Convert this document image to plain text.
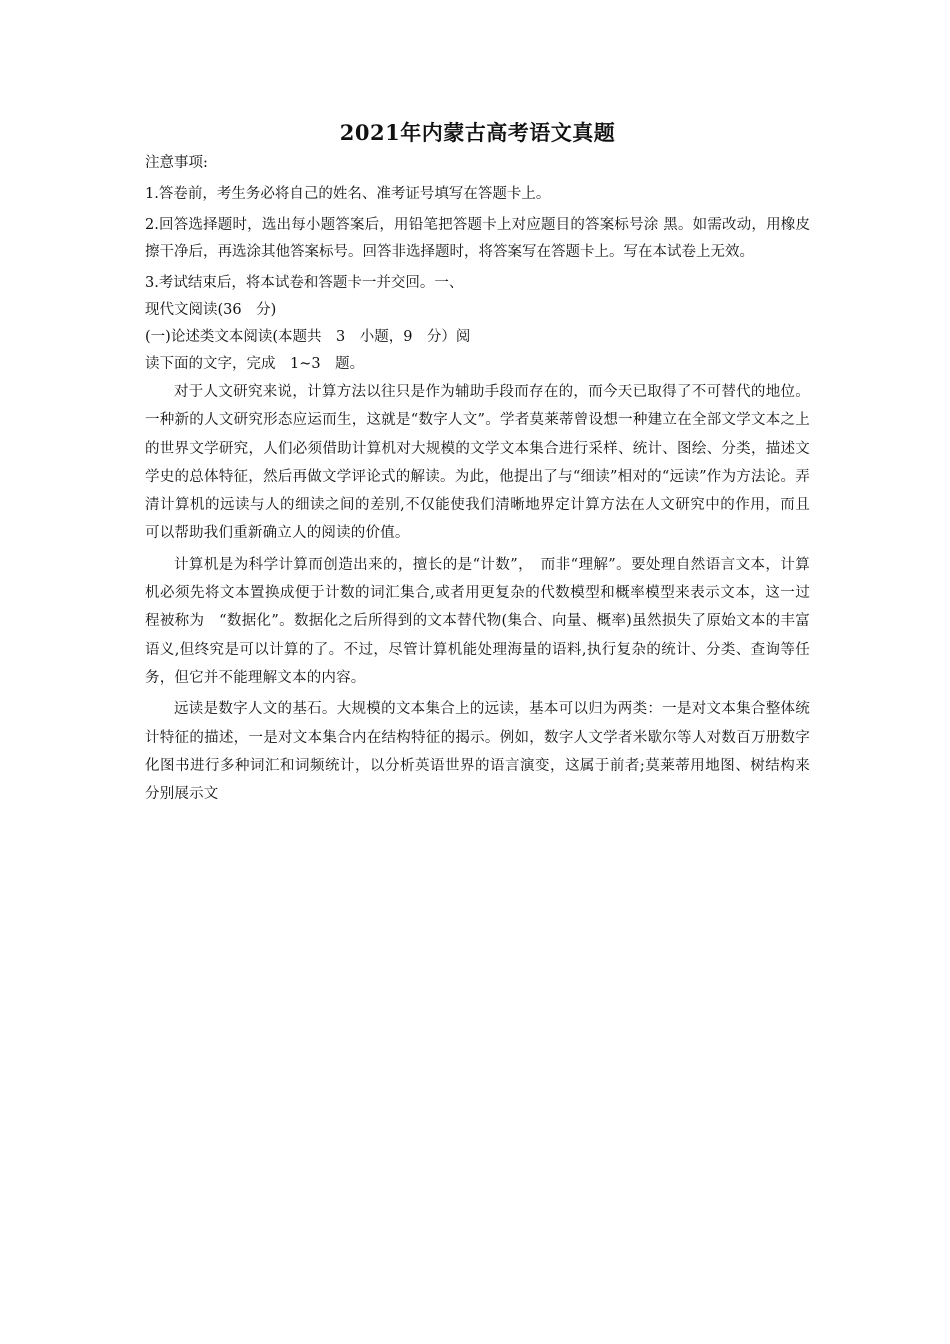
2021年内蒙古高考语文真题

注意事项:

1.答卷前，考生务必将自己的姓名、准考证号填写在答题卡上。

2.回答选择题时，选出每小题答案后，用铅笔把答题卡上对应题目的答案标号涂 黑。如需改动，用橡皮擦干净后，再选涂其他答案标号。回答非选择题时，将答案写在答题卡上。写在本试卷上无效。

3.考试结束后，将本试卷和答题卡一并交回。一、

现代文阅读(36　分)

(一)论述类文本阅读(本题共　3　小题，9　分）阅

读下面的文字，完成　1~3　题。

对于人文研究来说，计算方法以往只是作为辅助手段而存在的，而今天已取得了不可替代的地位。一种新的人文研究形态应运而生，这就是“数字人文”。学者莫莱蒂曾设想一种建立在全部文学文本之上的世界文学研究，人们必须借助计算机对大规模的文学文本集合进行采样、统计、图绘、分类，描述文学史的总体特征，然后再做文学评论式的解读。为此，他提出了与“细读”相对的“远读”作为方法论。弄清计算机的远读与人的细读之间的差别,不仅能使我们清晰地界定计算方法在人文研究中的作用，而且可以帮助我们重新确立人的阅读的价值。

计算机是为科学计算而创造出来的，擅长的是“计数”，　而非“理解”。要处理自然语言文本，计算机必须先将文本置换成便于计数的词汇集合,或者用更复杂的代数模型和概率模型来表示文本，这一过程被称为　“数据化”。数据化之后所得到的文本替代物(集合、向量、概率)虽然损失了原始文本的丰富语义,但终究是可以计算的了。不过，尽管计算机能处理海量的语料,执行复杂的统计、分类、查询等任务，但它并不能理解文本的内容。

远读是数字人文的基石。大规模的文本集合上的远读，基本可以归为两类：一是对文本集合整体统计特征的描述，一是对文本集合内在结构特征的揭示。例如，数字人文学者米歇尔等人对数百万册数字化图书进行多种词汇和词频统计，以分析英语世界的语言演变，这属于前者;莫莱蒂用地图、树结构来分别展示文
